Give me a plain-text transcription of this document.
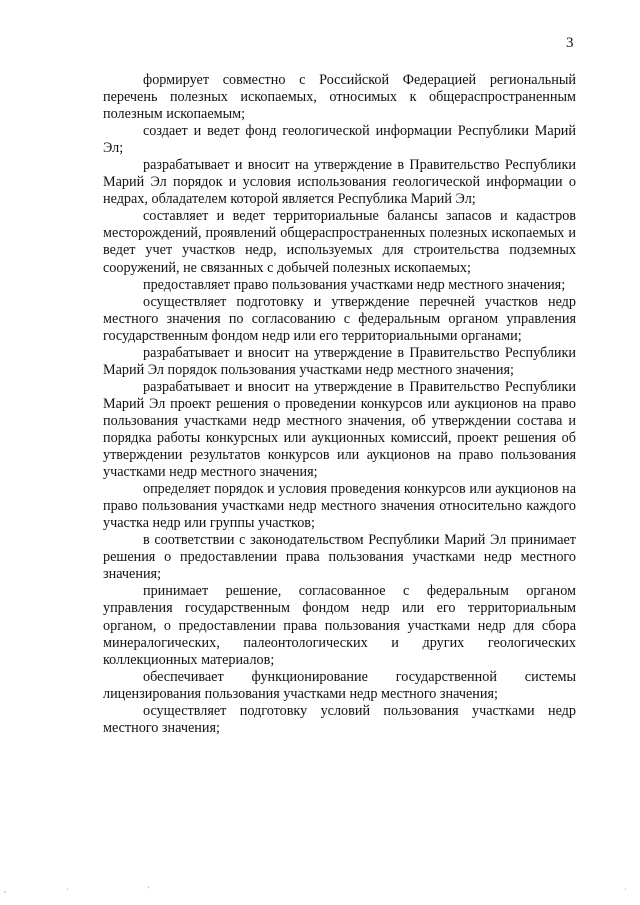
3

формирует совместно с Российской Федерацией региональный перечень полезных ископаемых, относимых к общераспространенным полезным ископаемым;

создает и ведет фонд геологической информации Республики Марий Эл;

разрабатывает и вносит на утверждение в Правительство Республики Марий Эл порядок и условия использования геологической информации о недрах, обладателем которой является Республика Марий Эл;

составляет и ведет территориальные балансы запасов и кадастров месторождений, проявлений общераспространенных полезных ископаемых и ведет учет участков недр, используемых для строительства подземных сооружений, не связанных с добычей полезных ископаемых;

предоставляет право пользования участками недр местного значения;

осуществляет подготовку и утверждение перечней участков недр местного значения по согласованию с федеральным органом управления государственным фондом недр или его территориальными органами;

разрабатывает и вносит на утверждение в Правительство Республики Марий Эл порядок пользования участками недр местного значения;

разрабатывает и вносит на утверждение в Правительство Республики Марий Эл проект решения о проведении конкурсов или аукционов на право пользования участками недр местного значения, об утверждении состава и порядка работы конкурсных или аукционных комиссий, проект решения об утверждении результатов конкурсов или аукционов на право пользования участками недр местного значения;

определяет порядок и условия проведения конкурсов или аукционов на право пользования участками недр местного значения относительно каждого участка недр или группы участков;

в соответствии с законодательством Республики Марий Эл принимает решения о предоставлении права пользования участками недр местного значения;

принимает решение, согласованное с федеральным органом управления государственным фондом недр или его территориальным органом, о предоставлении права пользования участками недр для сбора минералогических, палеонтологических и других геологических коллекционных материалов;

обеспечивает функционирование государственной системы лицензирования пользования участками недр местного значения;

осуществляет подготовку условий пользования участками недр местного значения;

,	·	'	·
